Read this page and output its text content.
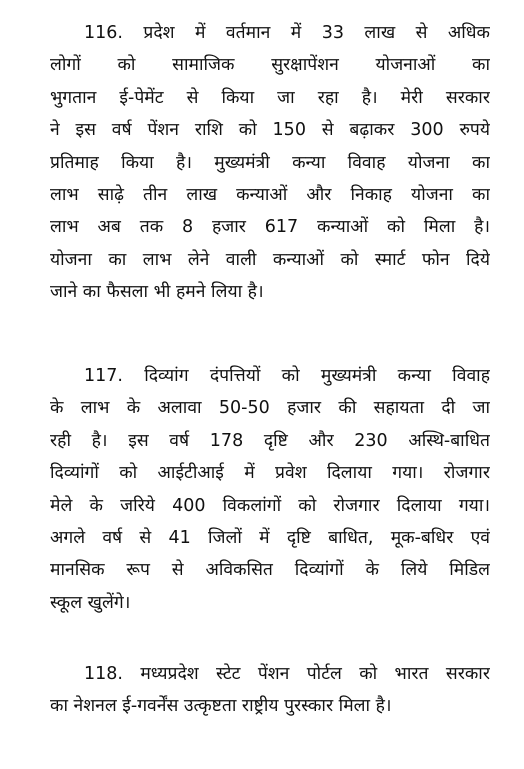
116. प्रदेश में वर्तमान में 33 लाख से अधिक
लोगों को सामाजिक सुरक्षापेंशन योजनाओं का
भुगतान ई-पेमेंट से किया जा रहा है। मेरी सरकार
ने इस वर्ष पेंशन राशि को 150 से बढ़ाकर 300 रुपये
प्रतिमाह किया है। मुख्यमंत्री कन्या विवाह योजना का
लाभ साढ़े तीन लाख कन्याओं और निकाह योजना का
लाभ अब तक 8 हजार 617 कन्याओं को मिला है।
योजना का लाभ लेने वाली कन्याओं को स्मार्ट फोन दिये
जाने का फैसला भी हमने लिया है।
117. दिव्यांग दंपत्तियों को मुख्यमंत्री कन्या विवाह
के लाभ के अलावा 50-50 हजार की सहायता दी जा
रही है। इस वर्ष 178 दृष्टि और 230 अस्थि-बाधित
दिव्यांगों को आईटीआई में प्रवेश दिलाया गया। रोजगार
मेले के जरिये 400 विकलांगों को रोजगार दिलाया गया।
अगले वर्ष से 41 जिलों में दृष्टि बाधित, मूक-बधिर एवं
मानसिक रूप से अविकसित दिव्यांगों के लिये मिडिल
स्कूल खुलेंगे।
118. मध्यप्रदेश स्टेट पेंशन पोर्टल को भारत सरकार
का नेशनल ई-गवर्नेंस उत्कृष्टता राष्ट्रीय पुरस्कार मिला है।
